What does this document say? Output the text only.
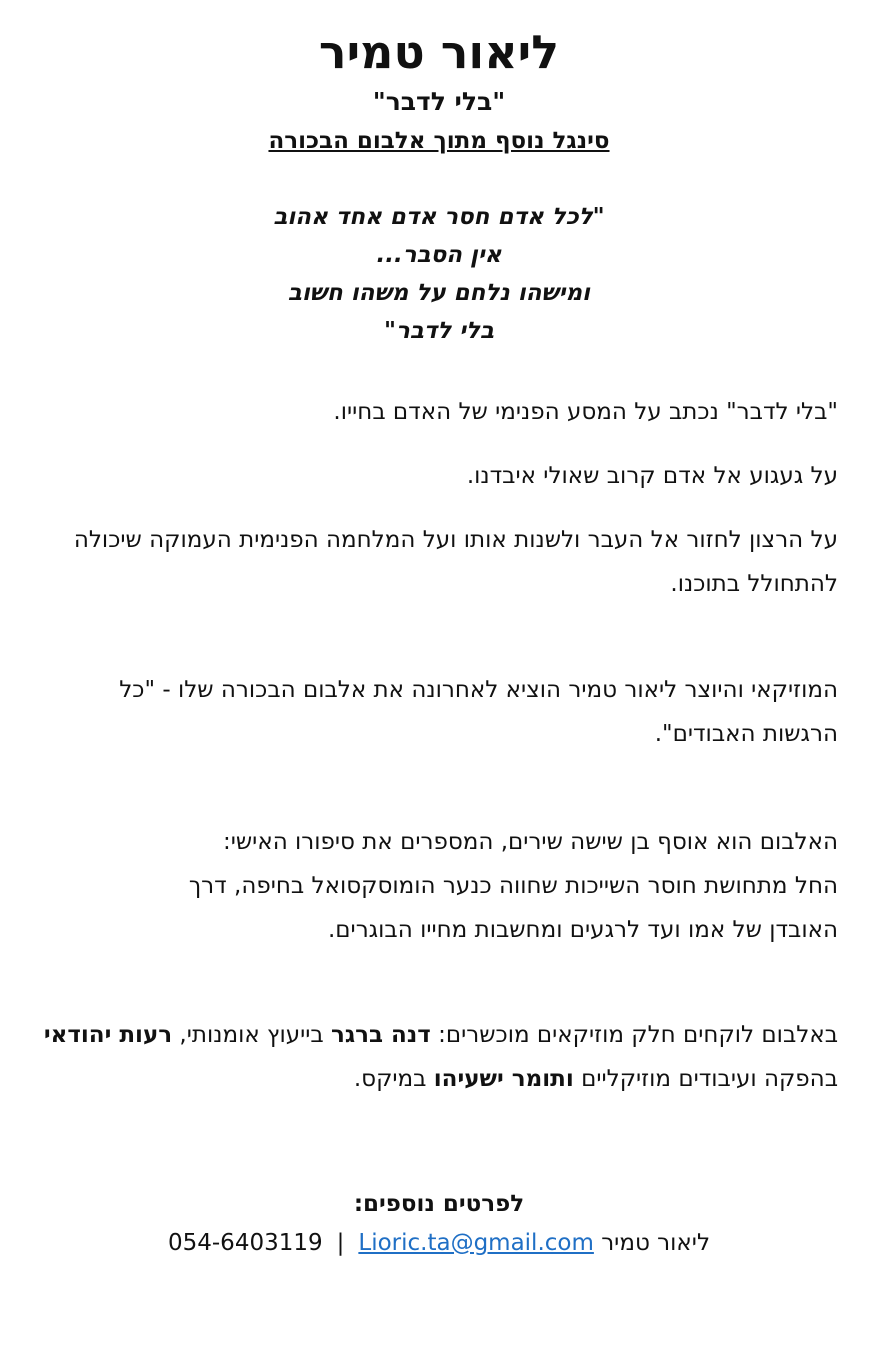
ליאור טמיר
"בלי לדבר"
סינגל נוסף מתוך אלבום הבכורה
"לכל אדם חסר אדם אחד אהוב
אין הסבר...
ומישהו נלחם על משהו חשוב
בלי לדבר"
"בלי לדבר" נכתב על המסע הפנימי של האדם בחייו.
על געגוע אל אדם קרוב שאולי איבדנו.
על הרצון לחזור אל העבר ולשנות אותו ועל המלחמה הפנימית העמוקה שיכולה להתחולל בתוכנו.
המוזיקאי והיוצר ליאור טמיר הוציא לאחרונה את אלבום הבכורה שלו - "כל הרגשות האבודים".
האלבום הוא אוסף בן שישה שירים, המספרים את סיפורו האישי:
החל מתחושת חוסר השייכות שחווה כנער הומוסקסואל בחיפה, דרך
האובדן של אמו ועד לרגעים ומחשבות מחייו הבוגרים.
באלבום לוקחים חלק מוזיקאים מוכשרים: דנה ברגר בייעוץ אומנותי, רעות יהודאי בהפקה ועיבודים מוזיקליים ותומר ישעיהו במיקס.
לפרטים נוספים:
ליאור טמיר 054-6403119 | Lioric.ta@gmail.com
